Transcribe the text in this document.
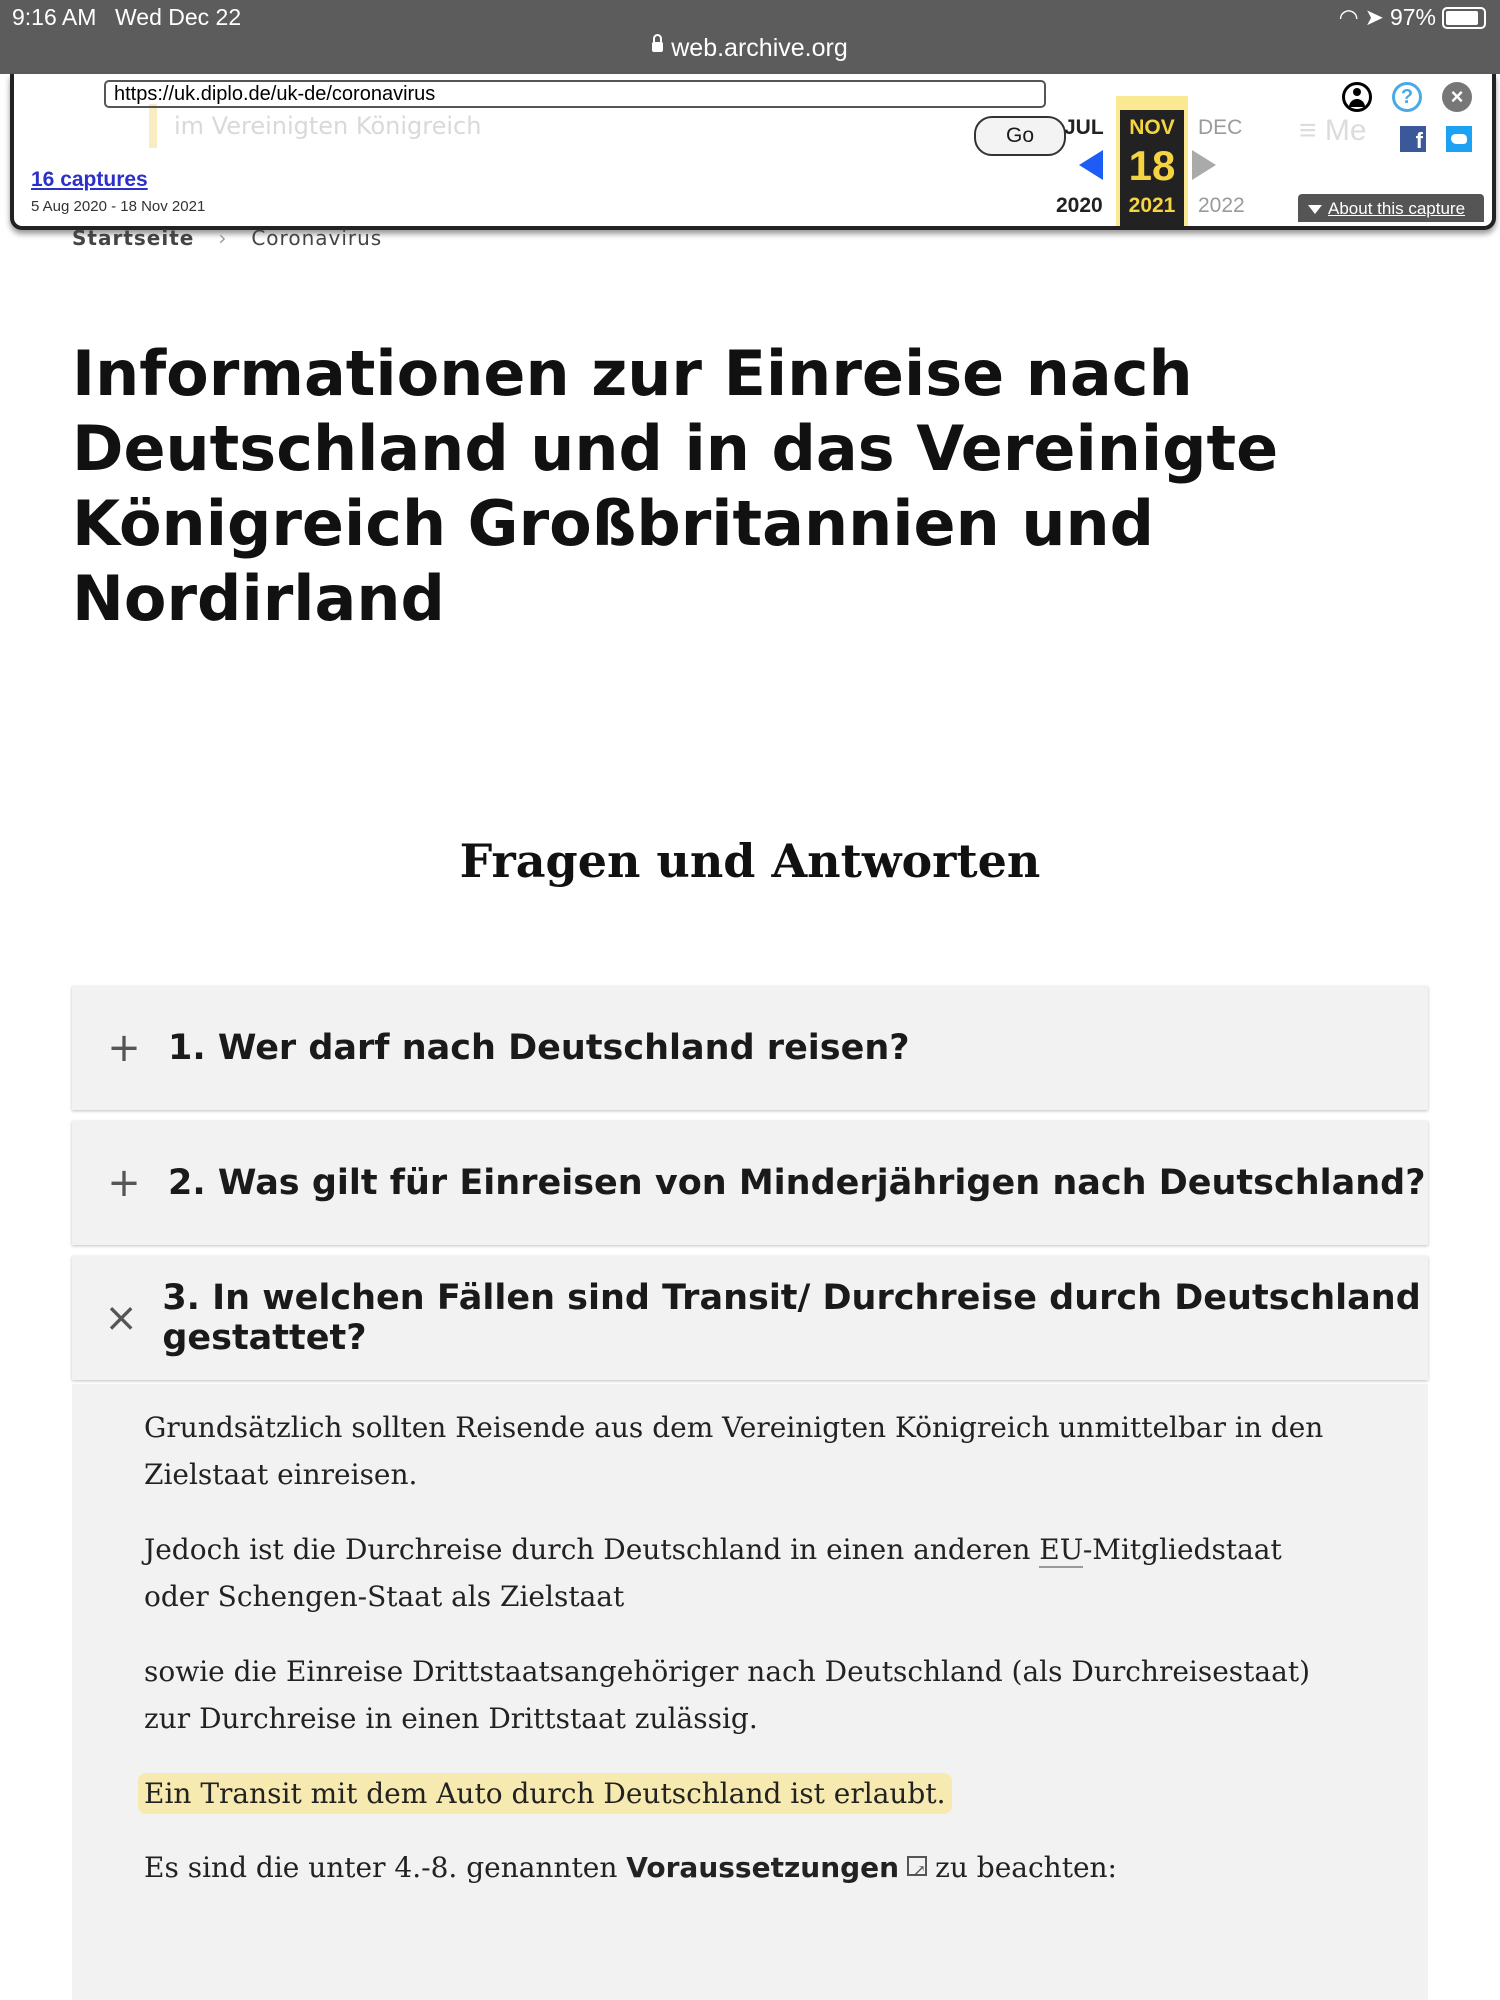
9:16 AM Wed Dec 22	◠ ➤ 97%
web.archive.org
im Vereinigten Königreich	≡ Me
https://uk.diplo.de/uk-de/coronavirus
Go
16 captures
5 Aug 2020 - 18 Nov 2021
JUL	DEC
2020	2022
NOV
18
2021
?	×
f
About this capture
Startseite › Coronavirus
Informationen zur Einreise nach Deutschland und in das Vereinigte Königreich Großbritannien und Nordirland
Fragen und Antworten
+ 1. Wer darf nach Deutschland reisen?
+ 2. Was gilt für Einreisen von Minderjährigen nach Deutschland?
× 3. In welchen Fällen sind Transit/ Durchreise durch Deutschland gestattet?

Grundsätzlich sollten Reisende aus dem Vereinigten Königreich unmittelbar in den Zielstaat einreisen.

Jedoch ist die Durchreise durch Deutschland in einen anderen EU-Mitgliedstaat oder Schengen-Staat als Zielstaat

sowie die Einreise Drittstaatsangehöriger nach Deutschland (als Durchreisestaat) zur Durchreise in einen Drittstaat zulässig.

Ein Transit mit dem Auto durch Deutschland ist erlaubt.

Es sind die unter 4.-8. genannten Voraussetzungen↗ zu beachten:
